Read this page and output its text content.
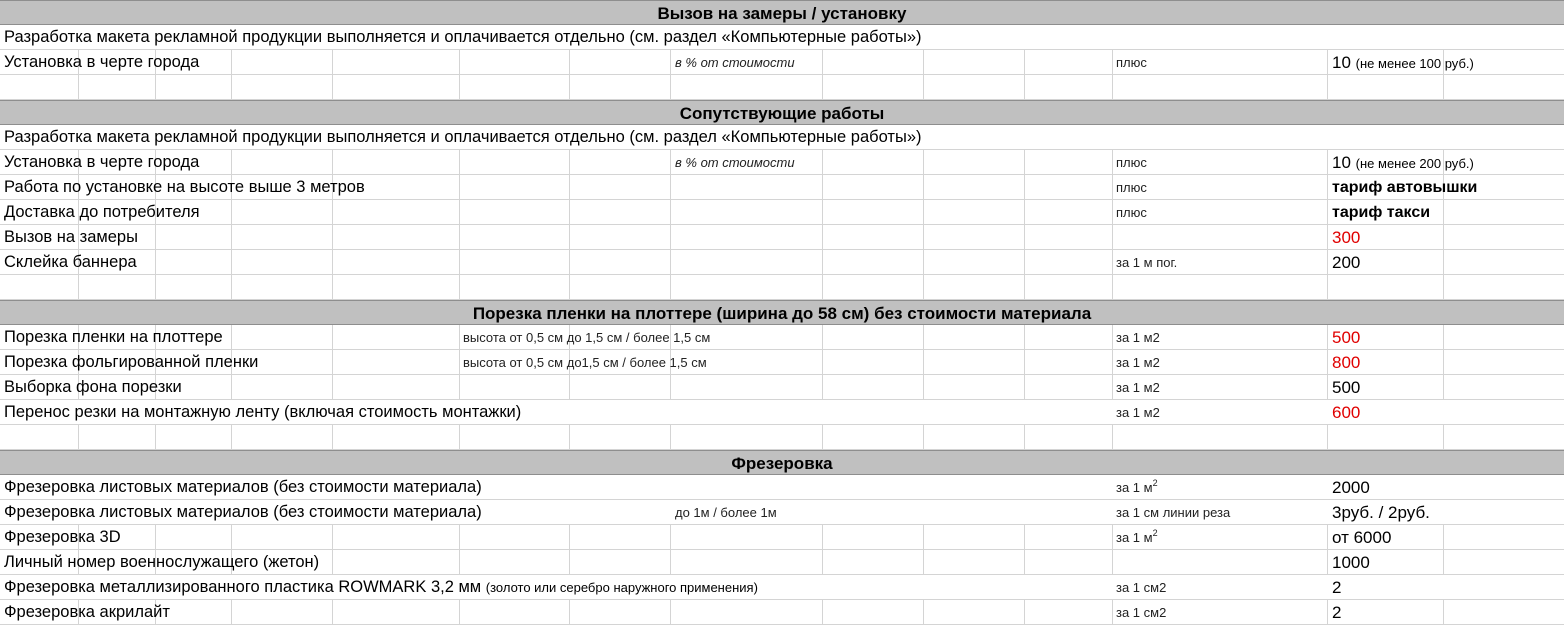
Вызов на замеры / установку
Разработка макета рекламной продукции выполняется и оплачивается отдельно (см. раздел «Компьютерные работы»)
Установка в черте города	в % от стоимости	плюс	10 (не менее 100 руб.)
Сопутствующие работы
Разработка макета рекламной продукции выполняется и оплачивается отдельно (см. раздел «Компьютерные работы»)
Установка в черте города	в % от стоимости	плюс	10 (не менее 200 руб.)
Работа по установке на высоте выше 3 метров	плюс	тариф автовышки
Доставка до потребителя	плюс	тариф такси
Вызов на замеры	300
Склейка баннера	за 1 м пог.	200
Порезка пленки на плоттере (ширина до 58 см) без стоимости материала
Порезка пленки на плоттере	высота от 0,5 см до 1,5 см / более 1,5 см	за 1 м2	500
Порезка фольгированной пленки	высота от 0,5 см до1,5 см / более 1,5 см	за 1 м2	800
Выборка фона порезки	за 1 м2	500
Перенос резки на монтажную ленту (включая стоимость монтажки)	за 1 м2	600
Фрезеровка
Фрезеровка листовых материалов (без стоимости материала)	за 1 $м^2$	2000
Фрезеровка листовых материалов (без стоимости материала)	до 1м / более 1м	за 1 см линии реза	3руб. / 2руб.
Фрезеровка 3D	за 1 $м^2$	от 6000
Личный номер военнослужащего (жетон)	1000
Фрезеровка металлизированного пластика ROWMARK 3,2 мм (золото или серебро наружного применения)	за 1 см2	2
Фрезеровка акрилайт	за 1 см2	2
